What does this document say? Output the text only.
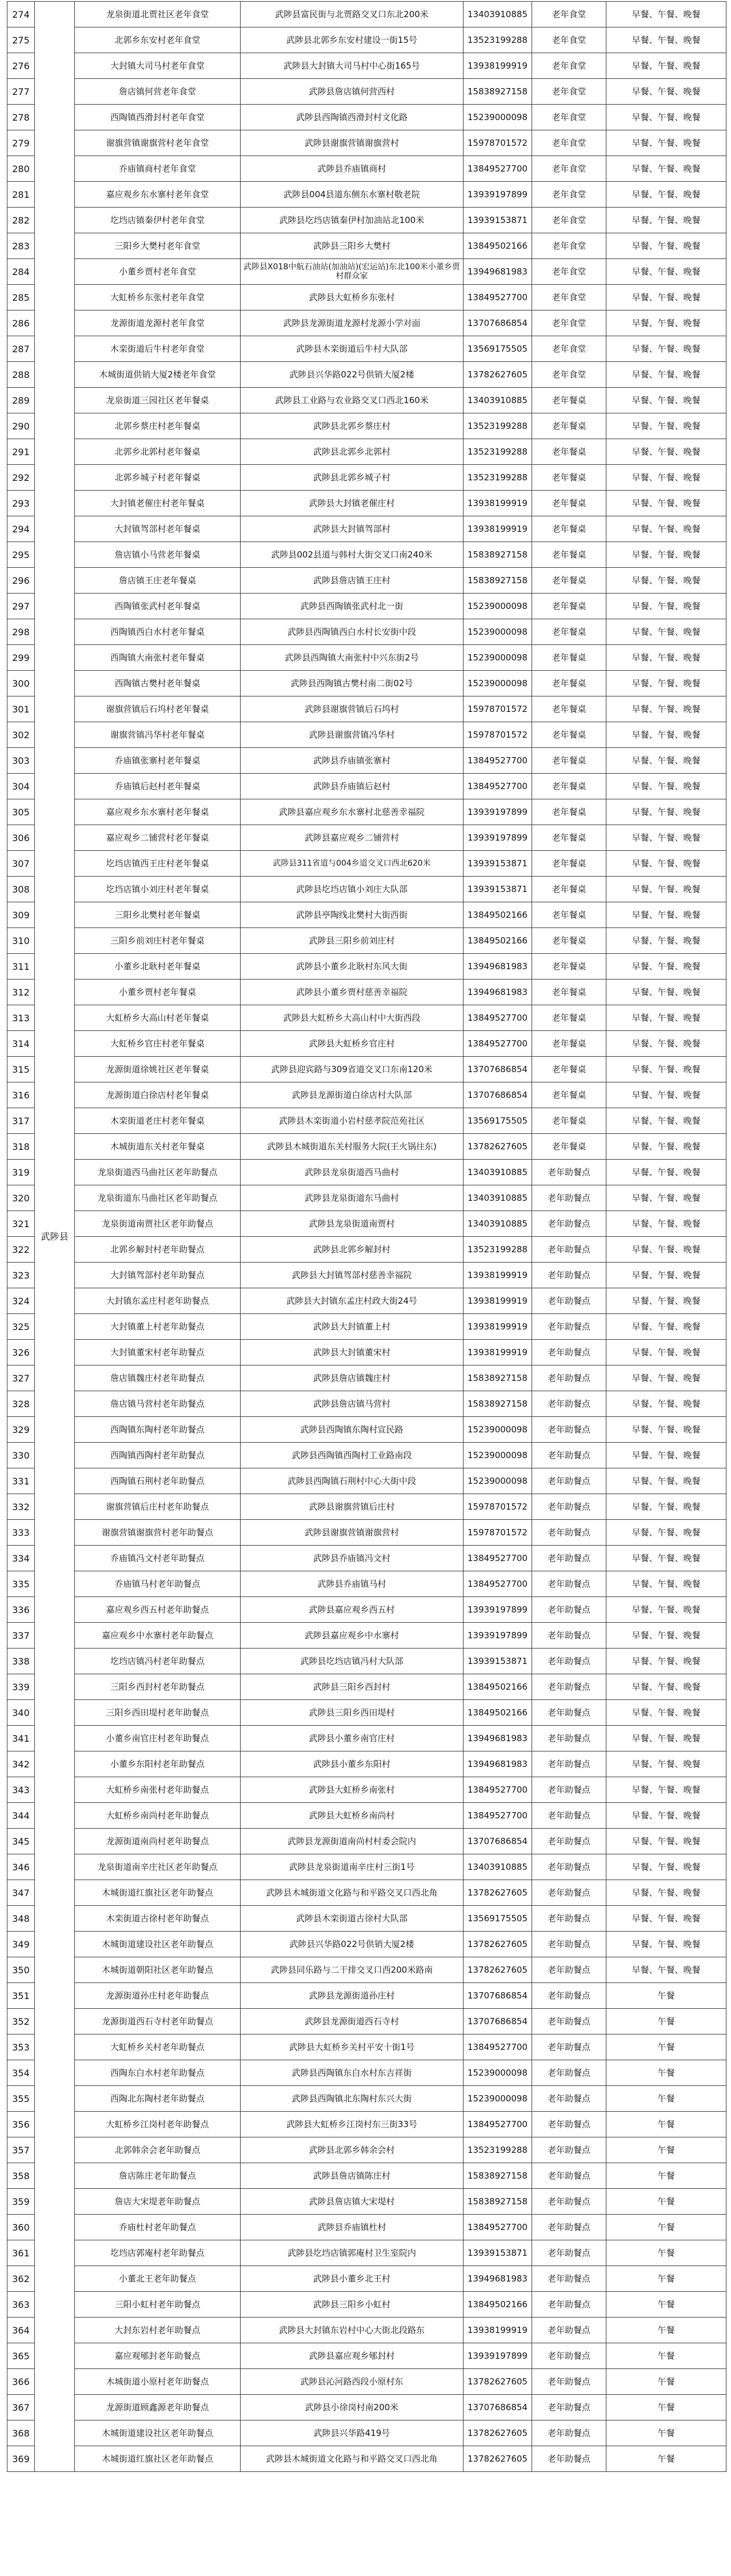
274	武陟县	龙泉街道北贾社区老年食堂	武陟县富民街与北贾路交叉口东北200米	13403910885	老年食堂	早餐、午餐、晚餐
275		北郭乡东安村老年食堂	武陟县北郭乡东安村建设一街15号	13523199288	老年食堂	早餐、午餐、晚餐
276		大封镇大司马村老年食堂	武陟县大封镇大司马村中心街165号	13938199919	老年食堂	早餐、午餐、晚餐
277		詹店镇何营老年食堂	武陟县詹店镇何营西村	15838927158	老年食堂	早餐、午餐、晚餐
278		西陶镇西滑封村老年食堂	武陟县西陶镇西滑封村文化路	15239000098	老年食堂	早餐、午餐、晚餐
279		谢旗营镇谢旗营村老年食堂	武陟县谢旗营镇谢旗营村	15978701572	老年食堂	早餐、午餐、晚餐
280		乔庙镇商村老年食堂	武陟县乔庙镇商村	13849527700	老年食堂	早餐、午餐、晚餐
281		嘉应观乡东水寨村老年食堂	武陟县004县道东侧东水寨村敬老院	13939197899	老年食堂	早餐、午餐、晚餐
282		圪垱店镇秦伊村老年食堂	武陟县圪垱店镇秦伊村加油站北100米	13939153871	老年食堂	早餐、午餐、晚餐
283		三阳乡大樊村老年食堂	武陟县三阳乡大樊村	13849502166	老年食堂	早餐、午餐、晚餐
284		小董乡贾村老年食堂	武陟县X018中航石油站(加油站)(宏运站)东北100米小董乡贾村群众家	13949681983	老年食堂	早餐、午餐、晚餐
285		大虹桥乡东张村老年食堂	武陟县大虹桥乡东张村	13849527700	老年食堂	早餐、午餐、晚餐
286		龙源街道龙源村老年食堂	武陟县龙源街道龙源村龙源小学对面	13707686854	老年食堂	早餐、午餐、晚餐
287		木栾街道后牛村老年食堂	武陟县木栾街道后牛村大队部	13569175505	老年食堂	早餐、午餐、晚餐
288		木城街道供销大厦2楼老年食堂	武陟县兴华路022号供销大厦2楼	13782627605	老年食堂	早餐、午餐、晚餐
289		龙泉街道三园社区老年餐桌	武陟县工业路与农业路交叉口西北160米	13403910885	老年餐桌	早餐、午餐、晚餐
290		北郭乡蔡庄村老年餐桌	武陟县北郭乡蔡庄村	13523199288	老年餐桌	早餐、午餐、晚餐
291		北郭乡北郭村老年餐桌	武陟县北郭乡北郭村	13523199288	老年餐桌	早餐、午餐、晚餐
292		北郭乡城子村老年餐桌	武陟县北郭乡城子村	13523199288	老年餐桌	早餐、午餐、晚餐
293		大封镇老催庄村老年餐桌	武陟县大封镇老催庄村	13938199919	老年餐桌	早餐、午餐、晚餐
294		大封镇驾部村老年餐桌	武陟县大封镇驾部村	13938199919	老年餐桌	早餐、午餐、晚餐
295		詹店镇小马营老年餐桌	武陟县002县道与韩村大街交叉口南240米	15838927158	老年餐桌	早餐、午餐、晚餐
296		詹店镇王庄老年餐桌	武陟县詹店镇王庄村	15838927158	老年餐桌	早餐、午餐、晚餐
297		西陶镇张武村老年餐桌	武陟县西陶镇张武村北一街	15239000098	老年餐桌	早餐、午餐、晚餐
298		西陶镇西白水村老年餐桌	武陟县西陶镇西白水村长安街中段	15239000098	老年餐桌	早餐、午餐、晚餐
299		西陶镇大南张村老年餐桌	武陟县西陶镇大南张村中兴东街2号	15239000098	老年餐桌	早餐、午餐、晚餐
300		西陶镇古樊村老年餐桌	武陟县西陶镇古樊村南二街02号	15239000098	老年餐桌	早餐、午餐、晚餐
301		谢旗营镇后石坞村老年餐桌	武陟县谢旗营镇后石坞村	15978701572	老年餐桌	早餐、午餐、晚餐
302		谢旗营镇冯华村老年餐桌	武陟县谢旗营镇冯华村	15978701572	老年餐桌	早餐、午餐、晚餐
303		乔庙镇张寨村老年餐桌	武陟县乔庙镇张寨村	13849527700	老年餐桌	早餐、午餐、晚餐
304		乔庙镇后赵村老年餐桌	武陟县乔庙镇后赵村	13849527700	老年餐桌	早餐、午餐、晚餐
305		嘉应观乡东水寨村老年餐桌	武陟县嘉应观乡东水寨村北慈善幸福院	13939197899	老年餐桌	早餐、午餐、晚餐
306		嘉应观乡二铺营村老年餐桌	武陟县嘉应观乡二铺营村	13939197899	老年餐桌	早餐、午餐、晚餐
307		圪垱店镇西王庄村老年餐桌	武陟县311省道与004乡道交叉口西北620米	13939153871	老年餐桌	早餐、午餐、晚餐
308		圪垱店镇小刘庄村老年餐桌	武陟县圪垱店镇小刘庄大队部	13939153871	老年餐桌	早餐、午餐、晚餐
309		三阳乡北樊村老年餐桌	武陟县亭陶线北樊村大街西街	13849502166	老年餐桌	早餐、午餐、晚餐
310		三阳乡前刘庄村老年餐桌	武陟县三阳乡前刘庄村	13849502166	老年餐桌	早餐、午餐、晚餐
311		小董乡北耿村老年餐桌	武陟县小董乡北耿村东风大街	13949681983	老年餐桌	早餐、午餐、晚餐
312		小董乡贾村老年餐桌	武陟县小董乡贾村慈善幸福院	13949681983	老年餐桌	早餐、午餐、晚餐
313		大虹桥乡大高山村老年餐桌	武陟县大虹桥乡大高山村中大街西段	13849527700	老年餐桌	早餐、午餐、晚餐
314		大虹桥乡官庄村老年餐桌	武陟县大虹桥乡官庄村	13849527700	老年餐桌	早餐、午餐、晚餐
315		龙源街道徐姚社区老年餐桌	武陟县迎宾路与309省道交叉口东南120米	13707686854	老年餐桌	早餐、午餐、晚餐
316		龙源街道白徐店村老年餐桌	武陟县龙源街道白徐店村大队部	13707686854	老年餐桌	早餐、午餐、晚餐
317		木栾街道老庄村老年餐桌	武陟县木栾街道小岩村慈孝院范苑社区	13569175505	老年餐桌	早餐、午餐、晚餐
318		木城街道东关村老年餐桌	武陟县木城街道东关村服务大院(王火锅往东)	13782627605	老年餐桌	早餐、午餐、晚餐
319		龙泉街道西马曲社区老年助餐点	武陟县龙泉街道西马曲村	13403910885	老年助餐点	早餐、午餐、晚餐
320		龙泉街道东马曲社区老年助餐点	武陟县龙泉街道东马曲村	13403910885	老年助餐点	早餐、午餐、晚餐
321		龙泉街道南贾社区老年助餐点	武陟县龙泉街道南贾村	13403910885	老年助餐点	早餐、午餐、晚餐
322		北郭乡解封村老年助餐点	武陟县北郭乡解封村	13523199288	老年助餐点	早餐、午餐、晚餐
323		大封镇驾部村老年助餐点	武陟县大封镇驾部村慈善幸福院	13938199919	老年助餐点	早餐、午餐、晚餐
324		大封镇东孟庄村老年助餐点	武陟县大封镇东孟庄村政大街24号	13938199919	老年助餐点	早餐、午餐、晚餐
325		大封镇董上村老年助餐点	武陟县大封镇董上村	13938199919	老年助餐点	早餐、午餐、晚餐
326		大封镇董宋村老年助餐点	武陟县大封镇董宋村	13938199919	老年助餐点	早餐、午餐、晚餐
327		詹店镇魏庄村老年助餐点	武陟县詹店镇魏庄村	15838927158	老年助餐点	早餐、午餐、晚餐
328		詹店镇马营村老年助餐点	武陟县詹店镇马营村	15838927158	老年助餐点	早餐、午餐、晚餐
329		西陶镇东陶村老年助餐点	武陟县西陶镇东陶村宣民路	15239000098	老年助餐点	早餐、午餐、晚餐
330		西陶镇西陶村老年助餐点	武陟县西陶镇西陶村工业路南段	15239000098	老年助餐点	早餐、午餐、晚餐
331		西陶镇石荆村老年助餐点	武陟县西陶镇石荆村中心大街中段	15239000098	老年助餐点	早餐、午餐、晚餐
332		谢旗营镇后庄村老年助餐点	武陟县谢旗营镇后庄村	15978701572	老年助餐点	早餐、午餐、晚餐
333		谢旗营镇谢旗营村老年助餐点	武陟县谢旗营镇谢旗营村	15978701572	老年助餐点	早餐、午餐、晚餐
334		乔庙镇冯文村老年助餐点	武陟县乔庙镇冯文村	13849527700	老年助餐点	早餐、午餐、晚餐
335		乔庙镇马村老年助餐点	武陟县乔庙镇马村	13849527700	老年助餐点	早餐、午餐、晚餐
336		嘉应观乡西五村老年助餐点	武陟县嘉应观乡西五村	13939197899	老年助餐点	早餐、午餐、晚餐
337		嘉应观乡中水寨村老年助餐点	武陟县嘉应观乡中水寨村	13939197899	老年助餐点	早餐、午餐、晚餐
338		圪垱店镇冯村老年助餐点	武陟县圪垱店镇冯村大队部	13939153871	老年助餐点	早餐、午餐、晚餐
339		三阳乡西封村老年助餐点	武陟县三阳乡西封村	13849502166	老年助餐点	早餐、午餐、晚餐
340		三阳乡西田堤村老年助餐点	武陟县三阳乡西田堤村	13849502166	老年助餐点	早餐、午餐、晚餐
341		小董乡南官庄村老年助餐点	武陟县小董乡南官庄村	13949681983	老年助餐点	早餐、午餐、晚餐
342		小董乡东阳村老年助餐点	武陟县小董乡东阳村	13949681983	老年助餐点	早餐、午餐、晚餐
343		大虹桥乡南张村老年助餐点	武陟县大虹桥乡南张村	13849527700	老年助餐点	早餐、午餐、晚餐
344		大虹桥乡南尚村老年助餐点	武陟县大虹桥乡南尚村	13849527700	老年助餐点	早餐、午餐、晚餐
345		龙源街道南尚村老年助餐点	武陟县龙源街道南尚村村委会院内	13707686854	老年助餐点	早餐、午餐、晚餐
346		龙泉街道南辛庄社区老年助餐点	武陟县龙泉街道南辛庄村三街1号	13403910885	老年助餐点	早餐、午餐、晚餐
347		木城街道红旗社区老年助餐点	武陟县木城街道文化路与和平路交叉口西北角	13782627605	老年助餐点	早餐、午餐、晚餐
348		木栾街道古徐村老年助餐点	武陟县木栾街道古徐村大队部	13569175505	老年助餐点	早餐、午餐、晚餐
349		木城街道建设社区老年助餐点	武陟县兴华路022号供销大厦2楼	13782627605	老年助餐点	早餐、午餐、晚餐
350		木城街道朝阳社区老年助餐点	武陟县同乐路与二干排交叉口西200米路南	13782627605	老年助餐点	早餐、午餐、晚餐
351		龙源街道孙庄村老年助餐点	武陟县龙源街道孙庄村	13707686854	老年助餐点	午餐
352		龙源街道西石寺村老年助餐点	武陟县龙源街道西石寺村	13707686854	老年助餐点	午餐
353		大虹桥乡关村老年助餐点	武陟县大虹桥乡关村平安十街1号	13849527700	老年助餐点	午餐
354		西陶东白水村老年助餐点	武陟县西陶镇东白水村东吉祥街	15239000098	老年助餐点	午餐
355		西陶北东陶村老年助餐点	武陟县西陶镇北东陶村东兴大街	15239000098	老年助餐点	午餐
356		大虹桥乡江岗村老年助餐点	武陟县大虹桥乡江岗村东三街33号	13849527700	老年助餐点	午餐
357		北郭韩余会老年助餐点	武陟县北郭乡韩余会村	13523199288	老年助餐点	午餐
358		詹店陈庄老年助餐点	武陟县詹店镇陈庄村	15838927158	老年助餐点	午餐
359		詹店大宋堤老年助餐点	武陟县詹店镇大宋堤村	15838927158	老年助餐点	午餐
360		乔庙杜村老年助餐点	武陟县乔庙镇杜村	13849527700	老年助餐点	午餐
361		圪垱店郭庵村老年助餐点	武陟县圪垱店镇郭庵村卫生室院内	13939153871	老年助餐点	午餐
362		小董北王老年助餐点	武陟县小董乡北王村	13949681983	老年助餐点	午餐
363		三阳小虹村老年助餐点	武陟县三阳乡小虹村	13849502166	老年助餐点	午餐
364		大封东岩村老年助餐点	武陟县大封镇东岩村中心大街北段路东	13938199919	老年助餐点	午餐
365		嘉应观郇封老年助餐点	武陟县嘉应观乡郇封村	13939197899	老年助餐点	午餐
366		木城街道小原村老年助餐点	武陟县沁河路西段小原村东	13782627605	老年助餐点	午餐
367		龙源街道顾鑫源老年助餐点	武陟县小徐岗村南200米	13707686854	老年助餐点	午餐
368		木城街道建设社区老年助餐点	武陟县兴华路419号	13782627605	老年助餐点	午餐
369		木城街道红旗社区老年助餐点	武陟县木城街道文化路与和平路交叉口西北角	13782627605	老年助餐点	午餐
